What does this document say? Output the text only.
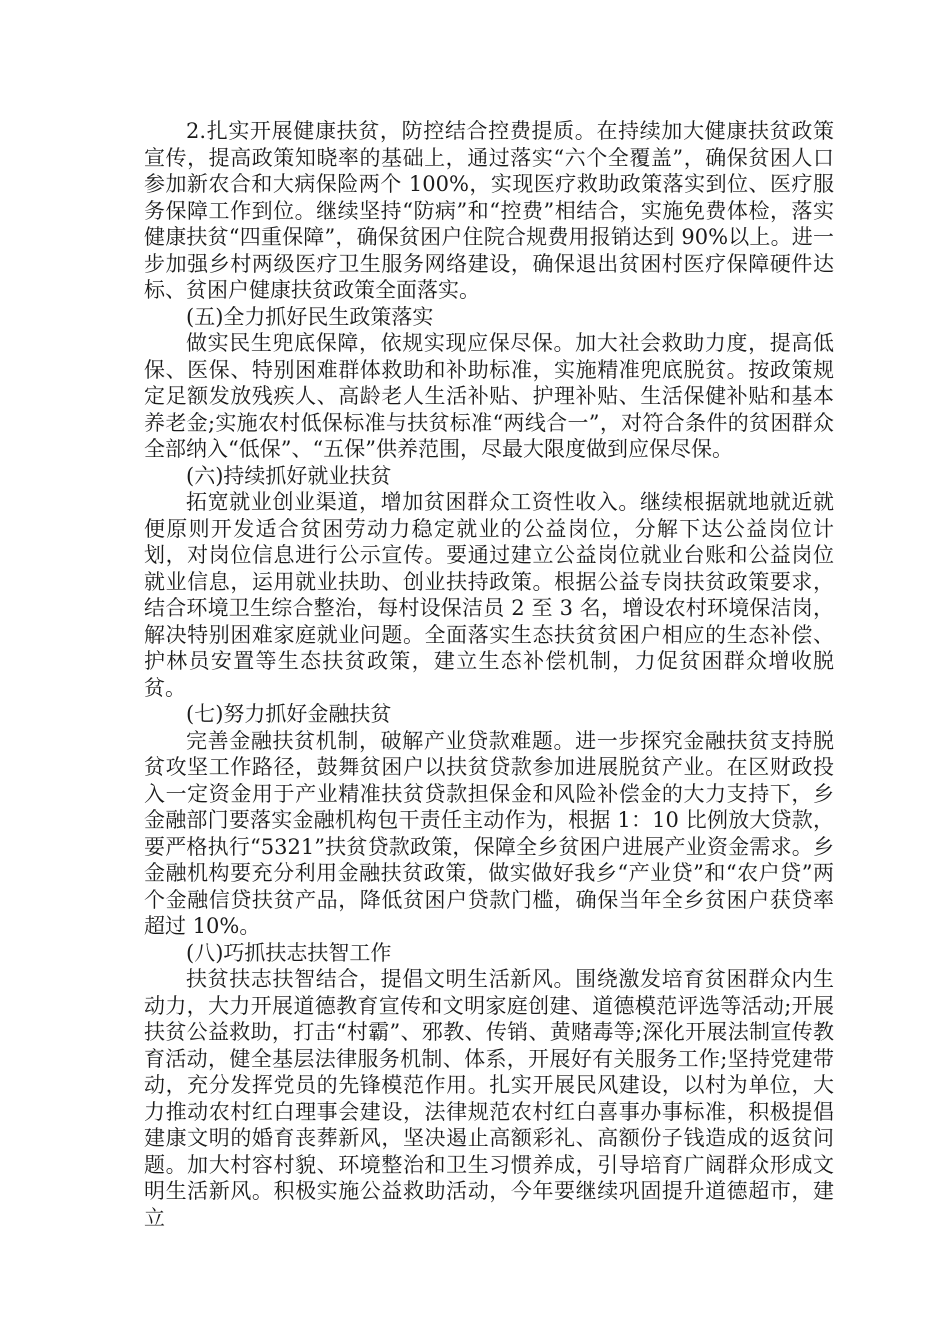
2.扎实开展健康扶贫，防控结合控费提质。在持续加大健康扶贫政策宣传，提高政策知晓率的基础上，通过落实“六个全覆盖”，确保贫困人口参加新农合和大病保险两个 100%，实现医疗救助政策落实到位、医疗服务保障工作到位。继续坚持“防病”和“控费”相结合，实施免费体检，落实健康扶贫“四重保障”，确保贫困户住院合规费用报销达到 90%以上。进一步加强乡村两级医疗卫生服务网络建设，确保退出贫困村医疗保障硬件达标、贫困户健康扶贫政策全面落实。

(五)全力抓好民生政策落实

做实民生兜底保障，依规实现应保尽保。加大社会救助力度，提高低保、医保、特别困难群体救助和补助标准，实施精准兜底脱贫。按政策规定足额发放残疾人、高龄老人生活补贴、护理补贴、生活保健补贴和基本养老金;实施农村低保标准与扶贫标准“两线合一”，对符合条件的贫困群众全部纳入“低保”、“五保”供养范围，尽最大限度做到应保尽保。

(六)持续抓好就业扶贫

拓宽就业创业渠道，增加贫困群众工资性收入。继续根据就地就近就便原则开发适合贫困劳动力稳定就业的公益岗位，分解下达公益岗位计划，对岗位信息进行公示宣传。要通过建立公益岗位就业台账和公益岗位就业信息，运用就业扶助、创业扶持政策。根据公益专岗扶贫政策要求，结合环境卫生综合整治，每村设保洁员 2 至 3 名，增设农村环境保洁岗，解决特别困难家庭就业问题。全面落实生态扶贫贫困户相应的生态补偿、护林员安置等生态扶贫政策，建立生态补偿机制，力促贫困群众增收脱贫。

(七)努力抓好金融扶贫

完善金融扶贫机制，破解产业贷款难题。进一步探究金融扶贫支持脱贫攻坚工作路径，鼓舞贫困户以扶贫贷款参加进展脱贫产业。在区财政投入一定资金用于产业精准扶贫贷款担保金和风险补偿金的大力支持下，乡金融部门要落实金融机构包干责任主动作为，根据 1：10 比例放大贷款，要严格执行“5321”扶贫贷款政策，保障全乡贫困户进展产业资金需求。乡金融机构要充分利用金融扶贫政策，做实做好我乡“产业贷”和“农户贷”两个金融信贷扶贫产品，降低贫困户贷款门槛，确保当年全乡贫困户获贷率超过 10%。

(八)巧抓扶志扶智工作

扶贫扶志扶智结合，提倡文明生活新风。围绕激发培育贫困群众内生动力，大力开展道德教育宣传和文明家庭创建、道德模范评选等活动;开展扶贫公益救助，打击“村霸”、邪教、传销、黄赌毒等;深化开展法制宣传教育活动，健全基层法律服务机制、体系，开展好有关服务工作;坚持党建带动，充分发挥党员的先锋模范作用。扎实开展民风建设，以村为单位，大力推动农村红白理事会建设，法律规范农村红白喜事办事标准，积极提倡建康文明的婚育丧葬新风，坚决遏止高额彩礼、高额份子钱造成的返贫问题。加大村容村貌、环境整治和卫生习惯养成，引导培育广阔群众形成文明生活新风。积极实施公益救助活动，今年要继续巩固提升道德超市，建立
